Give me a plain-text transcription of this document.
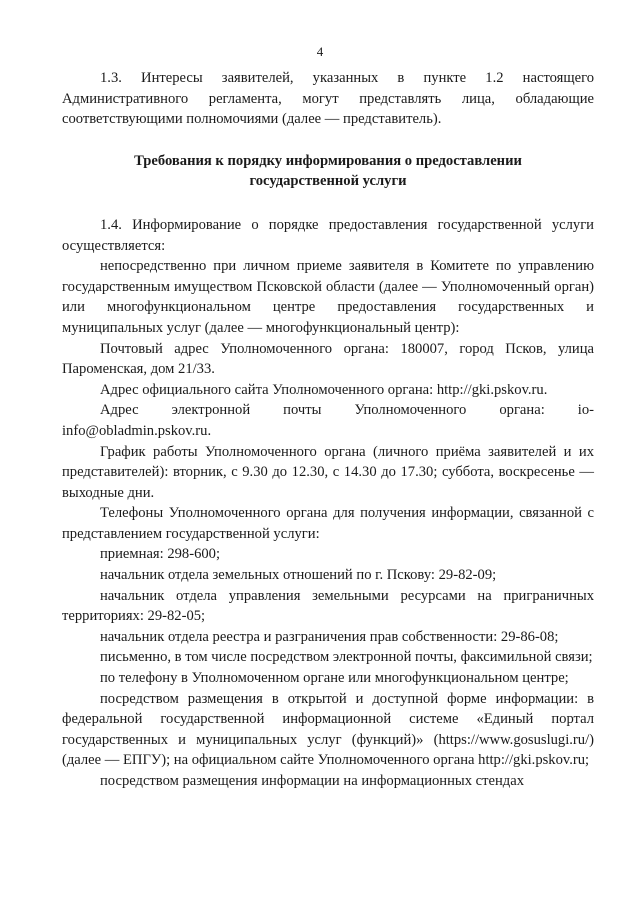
4

1.3. Интересы заявителей, указанных в пункте 1.2 настоящего Административного регламента, могут представлять лица, обладающие соответствующими полномочиями (далее — представитель).

Требования к порядку информирования о предоставлении
государственной услуги

1.4. Информирование о порядке предоставления государственной услуги осуществляется:

непосредственно при личном приеме заявителя в Комитете по управлению государственным имуществом Псковской области (далее — Уполномоченный орган) или многофункциональном центре предоставления государственных и муниципальных услуг (далее — многофункциональный центр):

Почтовый адрес Уполномоченного органа: 180007, город Псков, улица Пароменская, дом 21/33.

Адрес официального сайта Уполномоченного органа: http://gki.pskov.ru.

Адрес электронной почты Уполномоченного органа: io-info@obladmin.pskov.ru.

График работы Уполномоченного органа (личного приёма заявителей и их представителей): вторник, с 9.30 до 12.30, с 14.30 до 17.30; суббота, воскресенье — выходные дни.

Телефоны Уполномоченного органа для получения информации, связанной с представлением государственной услуги:

приемная: 298-600;

начальник отдела земельных отношений по г. Пскову: 29-82-09;

начальник отдела управления земельными ресурсами на приграничных территориях: 29-82-05;

начальник отдела реестра и разграничения прав собственности: 29-86-08;

письменно, в том числе посредством электронной почты, факсимильной связи;

по телефону в Уполномоченном органе или многофункциональном центре;

посредством размещения в открытой и доступной форме информации: в федеральной государственной информационной системе «Единый портал государственных и муниципальных услуг (функций)» (https://www.gosuslugi.ru/) (далее — ЕПГУ); на официальном сайте Уполномоченного органа http://gki.pskov.ru;

посредством размещения информации на информационных стендах
